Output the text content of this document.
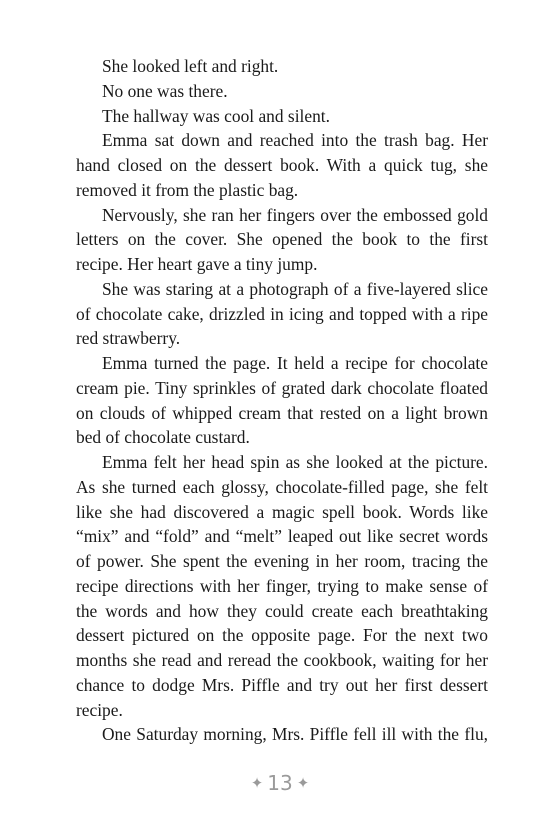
She looked left and right.

No one was there.

The hallway was cool and silent.

Emma sat down and reached into the trash bag. Her hand closed on the dessert book. With a quick tug, she removed it from the plastic bag.

Nervously, she ran her fingers over the embossed gold letters on the cover. She opened the book to the first recipe. Her heart gave a tiny jump.

She was staring at a photograph of a five-layered slice of chocolate cake, drizzled in icing and topped with a ripe red strawberry.

Emma turned the page. It held a recipe for chocolate cream pie. Tiny sprinkles of grated dark chocolate floated on clouds of whipped cream that rested on a light brown bed of chocolate custard.

Emma felt her head spin as she looked at the picture. As she turned each glossy, chocolate-filled page, she felt like she had discovered a magic spell book. Words like “mix” and “fold” and “melt” leaped out like secret words of power. She spent the evening in her room, tracing the recipe directions with her finger, trying to make sense of the words and how they could create each breathtaking dessert pictured on the opposite page. For the next two months she read and reread the cookbook, waiting for her chance to dodge Mrs. Piffle and try out her first dessert recipe.

One Saturday morning, Mrs. Piffle fell ill with the flu,

✦ 13 ✦
